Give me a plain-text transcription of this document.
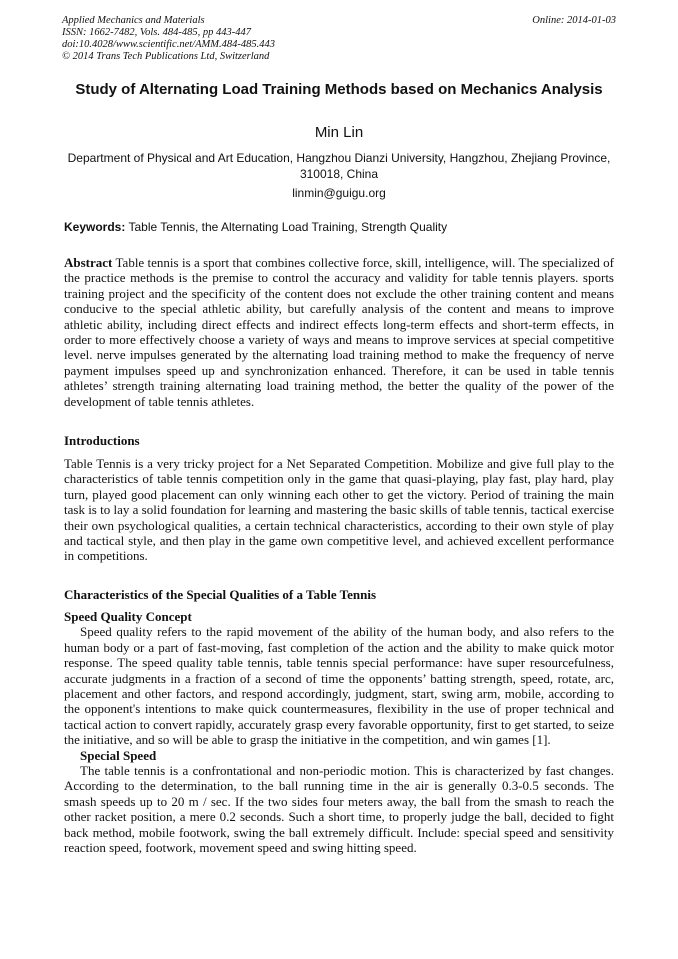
Applied Mechanics and Materials
ISSN: 1662-7482, Vols. 484-485, pp 443-447
doi:10.4028/www.scientific.net/AMM.484-485.443
© 2014 Trans Tech Publications Ltd, Switzerland
Online: 2014-01-03
Study of Alternating Load Training Methods based on Mechanics Analysis
Min Lin
Department of Physical and Art Education, Hangzhou Dianzi University, Hangzhou, Zhejiang Province, 310018, China
linmin@guigu.org
Keywords: Table Tennis, the Alternating Load Training, Strength Quality

Abstract Table tennis is a sport that combines collective force, skill, intelligence, will. The specialized of the practice methods is the premise to control the accuracy and validity for table tennis players. sports training project and the specificity of the content does not exclude the other training content and means conducive to the special athletic ability, but carefully analysis of the content and means to improve athletic ability, including direct effects and indirect effects long-term effects and short-term effects, in order to more effectively choose a variety of ways and means to improve services at special competitive level. nerve impulses generated by the alternating load training method to make the frequency of nerve payment impulses speed up and synchronization enhanced. Therefore, it can be used in table tennis athletes’ strength training alternating load training method, the better the quality of the power of the development of table tennis athletes.

Introductions

Table Tennis is a very tricky project for a Net Separated Competition. Mobilize and give full play to the characteristics of table tennis competition only in the game that quasi-playing, play fast, play hard, play turn, played good placement can only winning each other to get the victory. Period of training the main task is to lay a solid foundation for learning and mastering the basic skills of table tennis, tactical exercise their own psychological qualities, a certain technical characteristics, according to their own style of play and tactical style, and then play in the game own competitive level, and achieved excellent performance in competitions.

Characteristics of the Special Qualities of a Table Tennis
Speed Quality Concept

Speed quality refers to the rapid movement of the ability of the human body, and also refers to the human body or a part of fast-moving, fast completion of the action and the ability to make quick motor response. The speed quality table tennis, table tennis special performance: have super resourcefulness, accurate judgments in a fraction of a second of time the opponents’ batting strength, speed, rotate, arc, placement and other factors, and respond accordingly, judgment, start, swing arm, mobile, according to the opponent's intentions to make quick countermeasures, flexibility in the use of proper technical and tactical action to convert rapidly, accurately grasp every favorable opportunity, first to get started, to seize the initiative, and so will be able to grasp the initiative in the competition, and win games [1].

Special Speed

The table tennis is a confrontational and non-periodic motion. This is characterized by fast changes. According to the determination, to the ball running time in the air is generally 0.3-0.5 seconds. The smash speeds up to 20 m / sec. If the two sides four meters away, the ball from the smash to reach the other racket position, a mere 0.2 seconds. Such a short time, to properly judge the ball, decided to fight back method, mobile footwork, swing the ball extremely difficult. Include: special speed and sensitivity reaction speed, footwork, movement speed and swing hitting speed.
